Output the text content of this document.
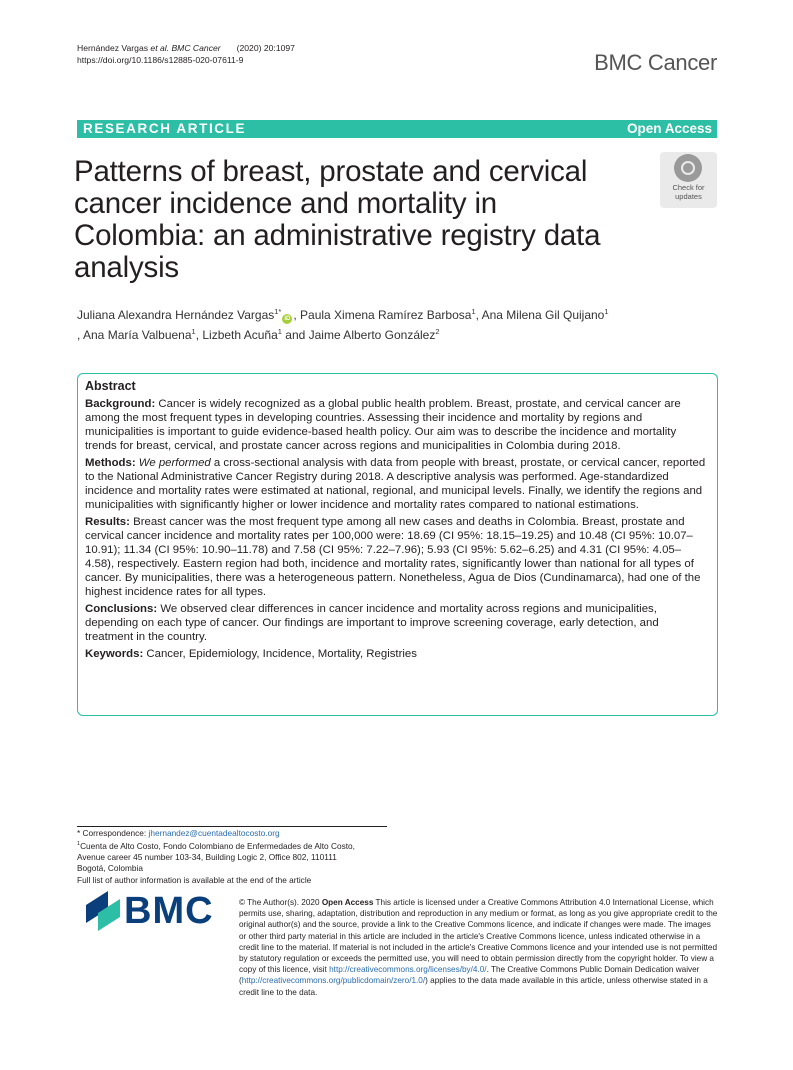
Hernández Vargas et al. BMC Cancer (2020) 20:1097
https://doi.org/10.1186/s12885-020-07611-9	BMC Cancer
RESEARCH ARTICLE	Open Access
Patterns of breast, prostate and cervical cancer incidence and mortality in Colombia: an administrative registry data analysis
Check for
updates
Juliana Alexandra Hernández Vargas$^{1*}$iD , Paula Ximena Ramírez Barbosa$^1$, Ana Milena Gil Quijano$^1$
, Ana María Valbuena$^1$, Lizbeth Acuña$^1$ and Jaime Alberto González$^2$
Abstract

Background: Cancer is widely recognized as a global public health problem. Breast, prostate, and cervical cancer are among the most frequent types in developing countries. Assessing their incidence and mortality by regions and municipalities is important to guide evidence-based health policy. Our aim was to describe the incidence and mortality trends for breast, cervical, and prostate cancer across regions and municipalities in Colombia during 2018.

Methods: We performed a cross-sectional analysis with data from people with breast, prostate, or cervical cancer, reported to the National Administrative Cancer Registry during 2018. A descriptive analysis was performed. Age-standardized incidence and mortality rates were estimated at national, regional, and municipal levels. Finally, we identify the regions and municipalities with significantly higher or lower incidence and mortality rates compared to national estimations.

Results: Breast cancer was the most frequent type among all new cases and deaths in Colombia. Breast, prostate and cervical cancer incidence and mortality rates per 100,000 were: 18.69 (CI 95%: 18.15–19.25) and 10.48 (CI 95%: 10.07–10.91); 11.34 (CI 95%: 10.90–11.78) and 7.58 (CI 95%: 7.22–7.96); 5.93 (CI 95%: 5.62–6.25) and 4.31 (CI 95%: 4.05–4.58), respectively. Eastern region had both, incidence and mortality rates, significantly lower than national for all types of cancer. By municipalities, there was a heterogeneous pattern. Nonetheless, Agua de Dios (Cundinamarca), had one of the highest incidence rates for all types.

Conclusions: We observed clear differences in cancer incidence and mortality across regions and municipalities, depending on each type of cancer. Our findings are important to improve screening coverage, early detection, and treatment in the country.

Keywords: Cancer, Epidemiology, Incidence, Mortality, Registries

* Correspondence: jhernandez@cuentadealtocosto.org
$^1$Cuenta de Alto Costo, Fondo Colombiano de Enfermedades de Alto Costo,
Avenue career 45 number 103-34, Building Logic 2, Office 802, 110111
Bogotá, Colombia
Full list of author information is available at the end of the article
BMC	© The Author(s). 2020 Open Access This article is licensed under a Creative Commons Attribution 4.0 International License, which permits use, sharing, adaptation, distribution and reproduction in any medium or format, as long as you give appropriate credit to the original author(s) and the source, provide a link to the Creative Commons licence, and indicate if changes were made. The images or other third party material in this article are included in the article's Creative Commons licence, unless indicated otherwise in a credit line to the material. If material is not included in the article's Creative Commons licence and your intended use is not permitted by statutory regulation or exceeds the permitted use, you will need to obtain permission directly from the copyright holder. To view a copy of this licence, visit http://creativecommons.org/licenses/by/4.0/. The Creative Commons Public Domain Dedication waiver (http://creativecommons.org/publicdomain/zero/1.0/) applies to the data made available in this article, unless otherwise stated in a credit line to the data.
